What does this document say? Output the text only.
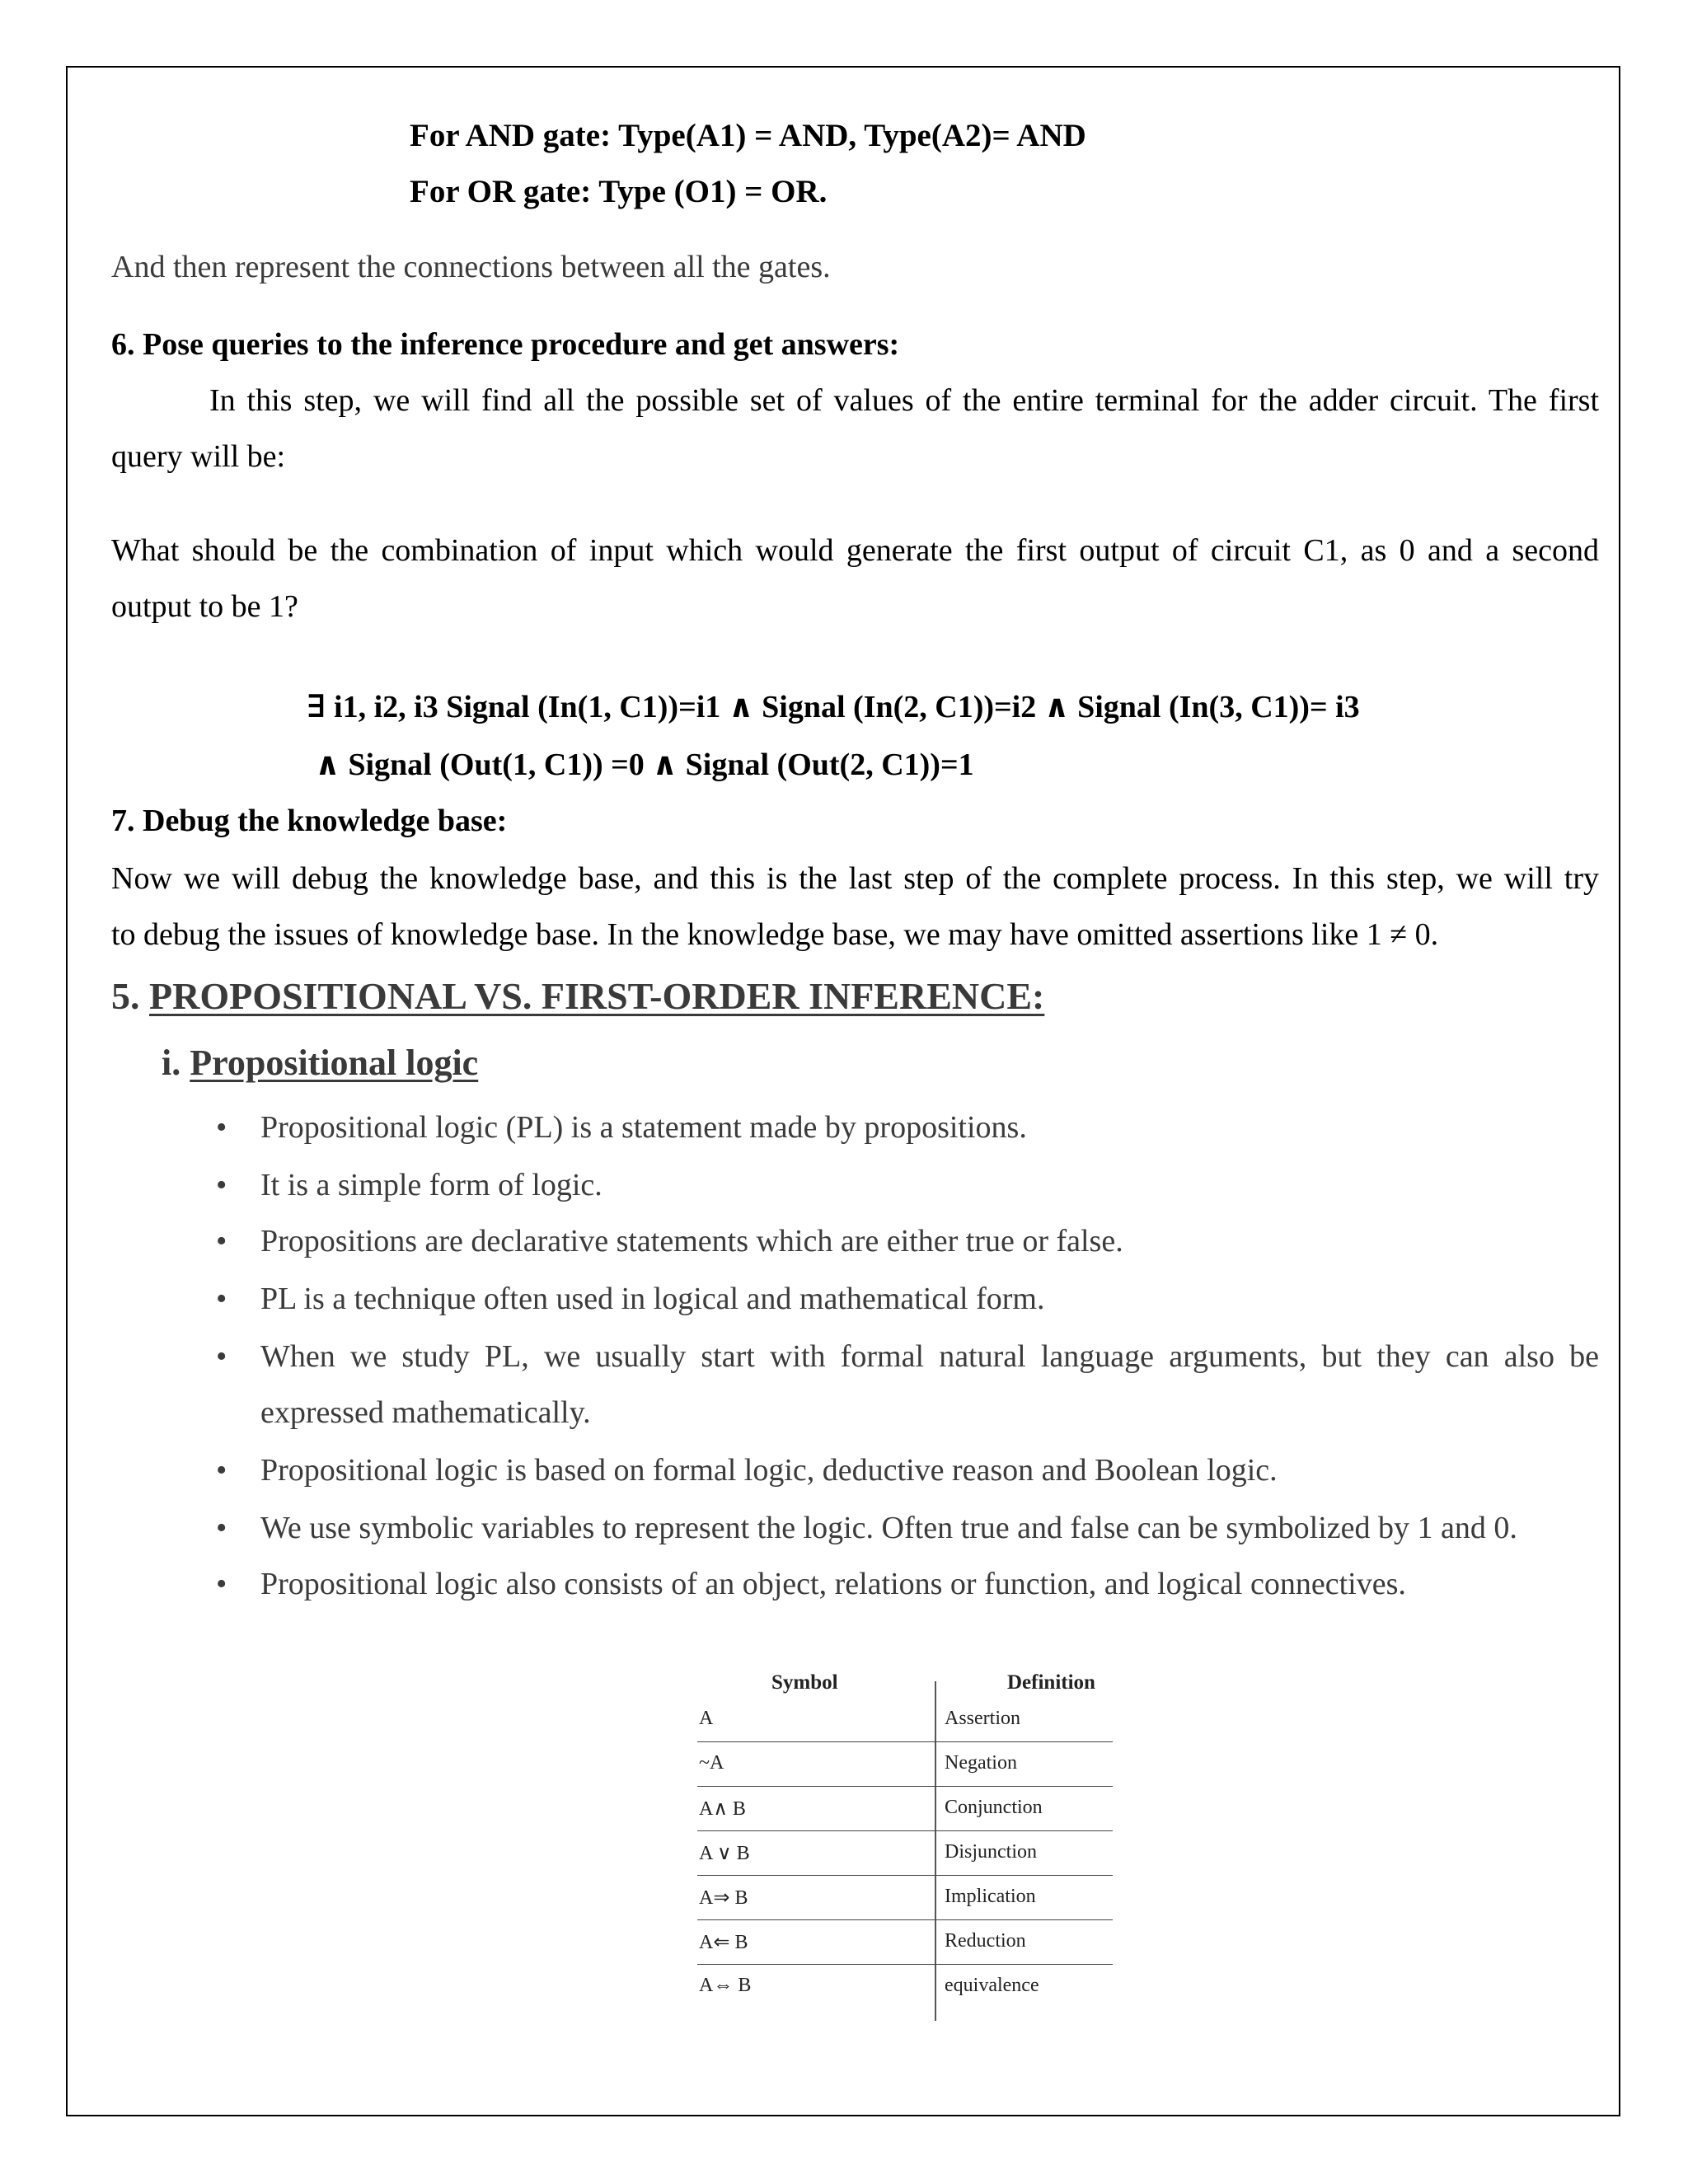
For AND gate: Type(A1) = AND, Type(A2)= AND
For OR gate: Type (O1) = OR.
And then represent the connections between all the gates.
6. Pose queries to the inference procedure and get answers:
In this step, we will find all the possible set of values of the entire terminal for the adder circuit. The first
query will be:
What should be the combination of input which would generate the first output of circuit C1, as 0 and a second
output to be 1?
∃ i1, i2, i3 Signal (In(1, C1))=i1 ∧ Signal (In(2, C1))=i2 ∧ Signal (In(3, C1))= i3
∧ Signal (Out(1, C1)) =0 ∧ Signal (Out(2, C1))=1
7. Debug the knowledge base:
Now we will debug the knowledge base, and this is the last step of the complete process. In this step, we will try
to debug the issues of knowledge base. In the knowledge base, we may have omitted assertions like 1 ≠ 0.
5. PROPOSITIONAL VS. FIRST-ORDER INFERENCE:
i. Propositional logic
• Propositional logic (PL) is a statement made by propositions.
• It is a simple form of logic.
• Propositions are declarative statements which are either true or false.
• PL is a technique often used in logical and mathematical form.
• When we study PL, we usually start with formal natural language arguments, but they can also be
expressed mathematically.
• Propositional logic is based on formal logic, deductive reason and Boolean logic.
• We use symbolic variables to represent the logic. Often true and false can be symbolized by 1 and 0.
• Propositional logic also consists of an object, relations or function, and logical connectives.
Symbol	Definition
A	Assertion
~A	Negation
A∧ B	Conjunction
A ∨ B	Disjunction
A⇒ B	Implication
A⇐ B	Reduction
A⇔ B	equivalence
